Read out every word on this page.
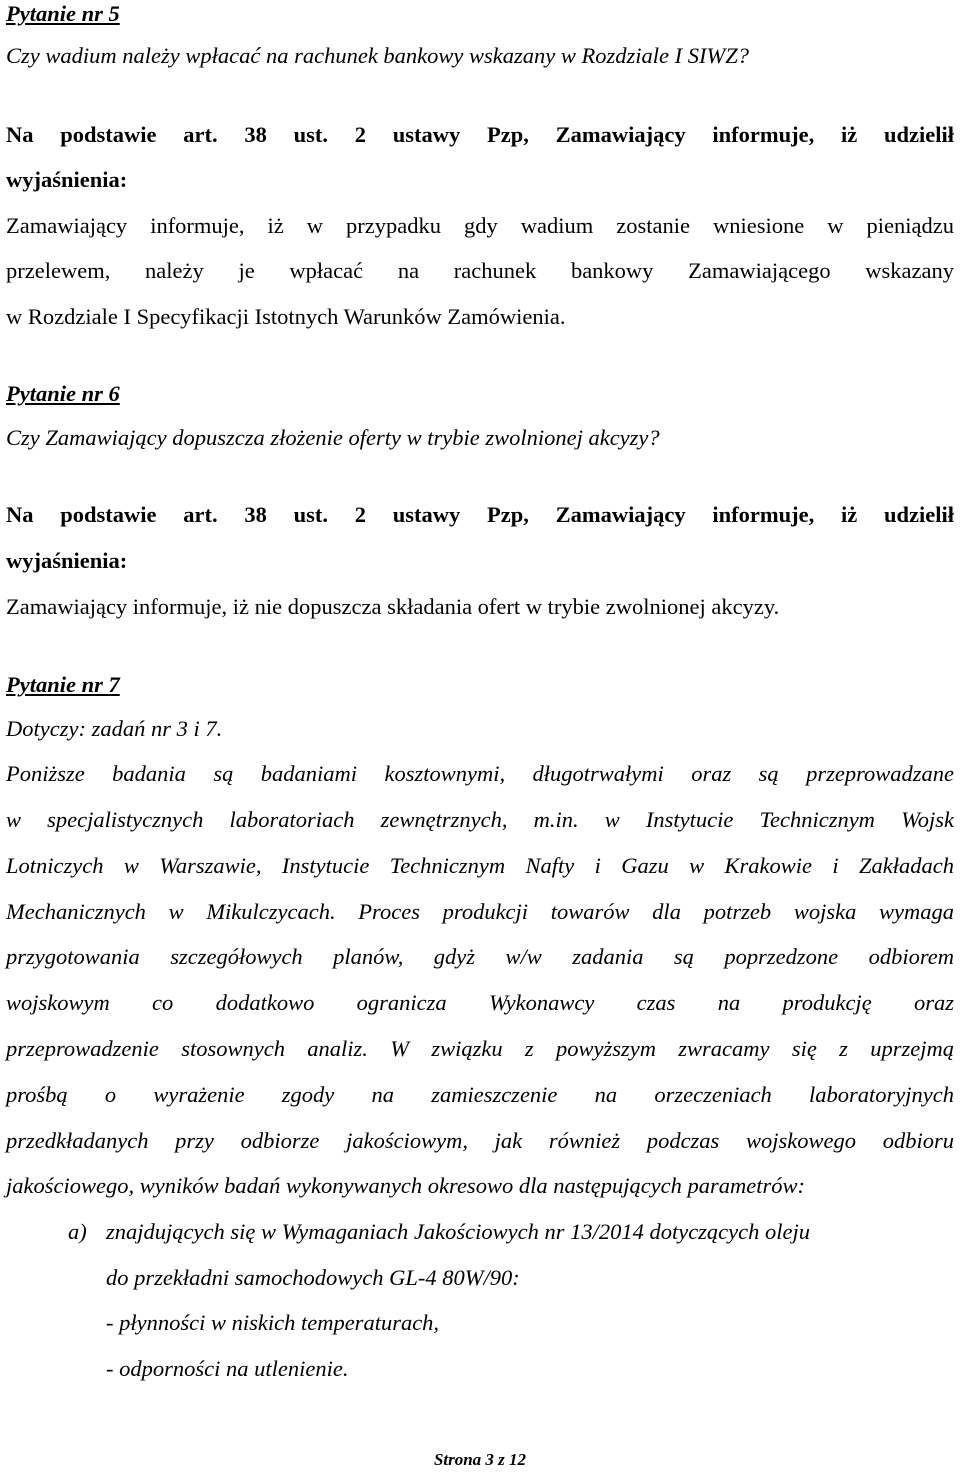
Pytanie nr 5
Czy wadium należy wpłacać na rachunek bankowy wskazany w Rozdziale I SIWZ?
Na podstawie art. 38 ust. 2 ustawy Pzp, Zamawiający informuje, iż udzielił
wyjaśnienia:
Zamawiający informuje, iż w przypadku gdy wadium zostanie wniesione w pieniądzu
przelewem, należy je wpłacać na rachunek bankowy Zamawiającego wskazany
w Rozdziale I Specyfikacji Istotnych Warunków Zamówienia.
Pytanie nr 6
Czy Zamawiający dopuszcza złożenie oferty w trybie zwolnionej akcyzy?
Na podstawie art. 38 ust. 2 ustawy Pzp, Zamawiający informuje, iż udzielił
wyjaśnienia:
Zamawiający informuje, iż nie dopuszcza składania ofert w trybie zwolnionej akcyzy.
Pytanie nr 7
Dotyczy: zadań nr 3 i 7.
Poniższe badania są badaniami kosztownymi, długotrwałymi oraz są przeprowadzane
w specjalistycznych laboratoriach zewnętrznych, m.in. w Instytucie Technicznym Wojsk
Lotniczych w Warszawie, Instytucie Technicznym Nafty i Gazu w Krakowie i Zakładach
Mechanicznych w Mikulczycach. Proces produkcji towarów dla potrzeb wojska wymaga
przygotowania szczegółowych planów, gdyż w/w zadania są poprzedzone odbiorem
wojskowym co dodatkowo ogranicza Wykonawcy czas na produkcję oraz
przeprowadzenie stosownych analiz. W związku z powyższym zwracamy się z uprzejmą
prośbą o wyrażenie zgody na zamieszczenie na orzeczeniach laboratoryjnych
przedkładanych przy odbiorze jakościowym, jak również podczas wojskowego odbioru
jakościowego, wyników badań wykonywanych okresowo dla następujących parametrów:
a) znajdujących się w Wymaganiach Jakościowych nr 13/2014 dotyczących oleju
do przekładni samochodowych GL-4 80W/90:
- płynności w niskich temperaturach,
- odporności na utlenienie.
Strona 3 z 12
